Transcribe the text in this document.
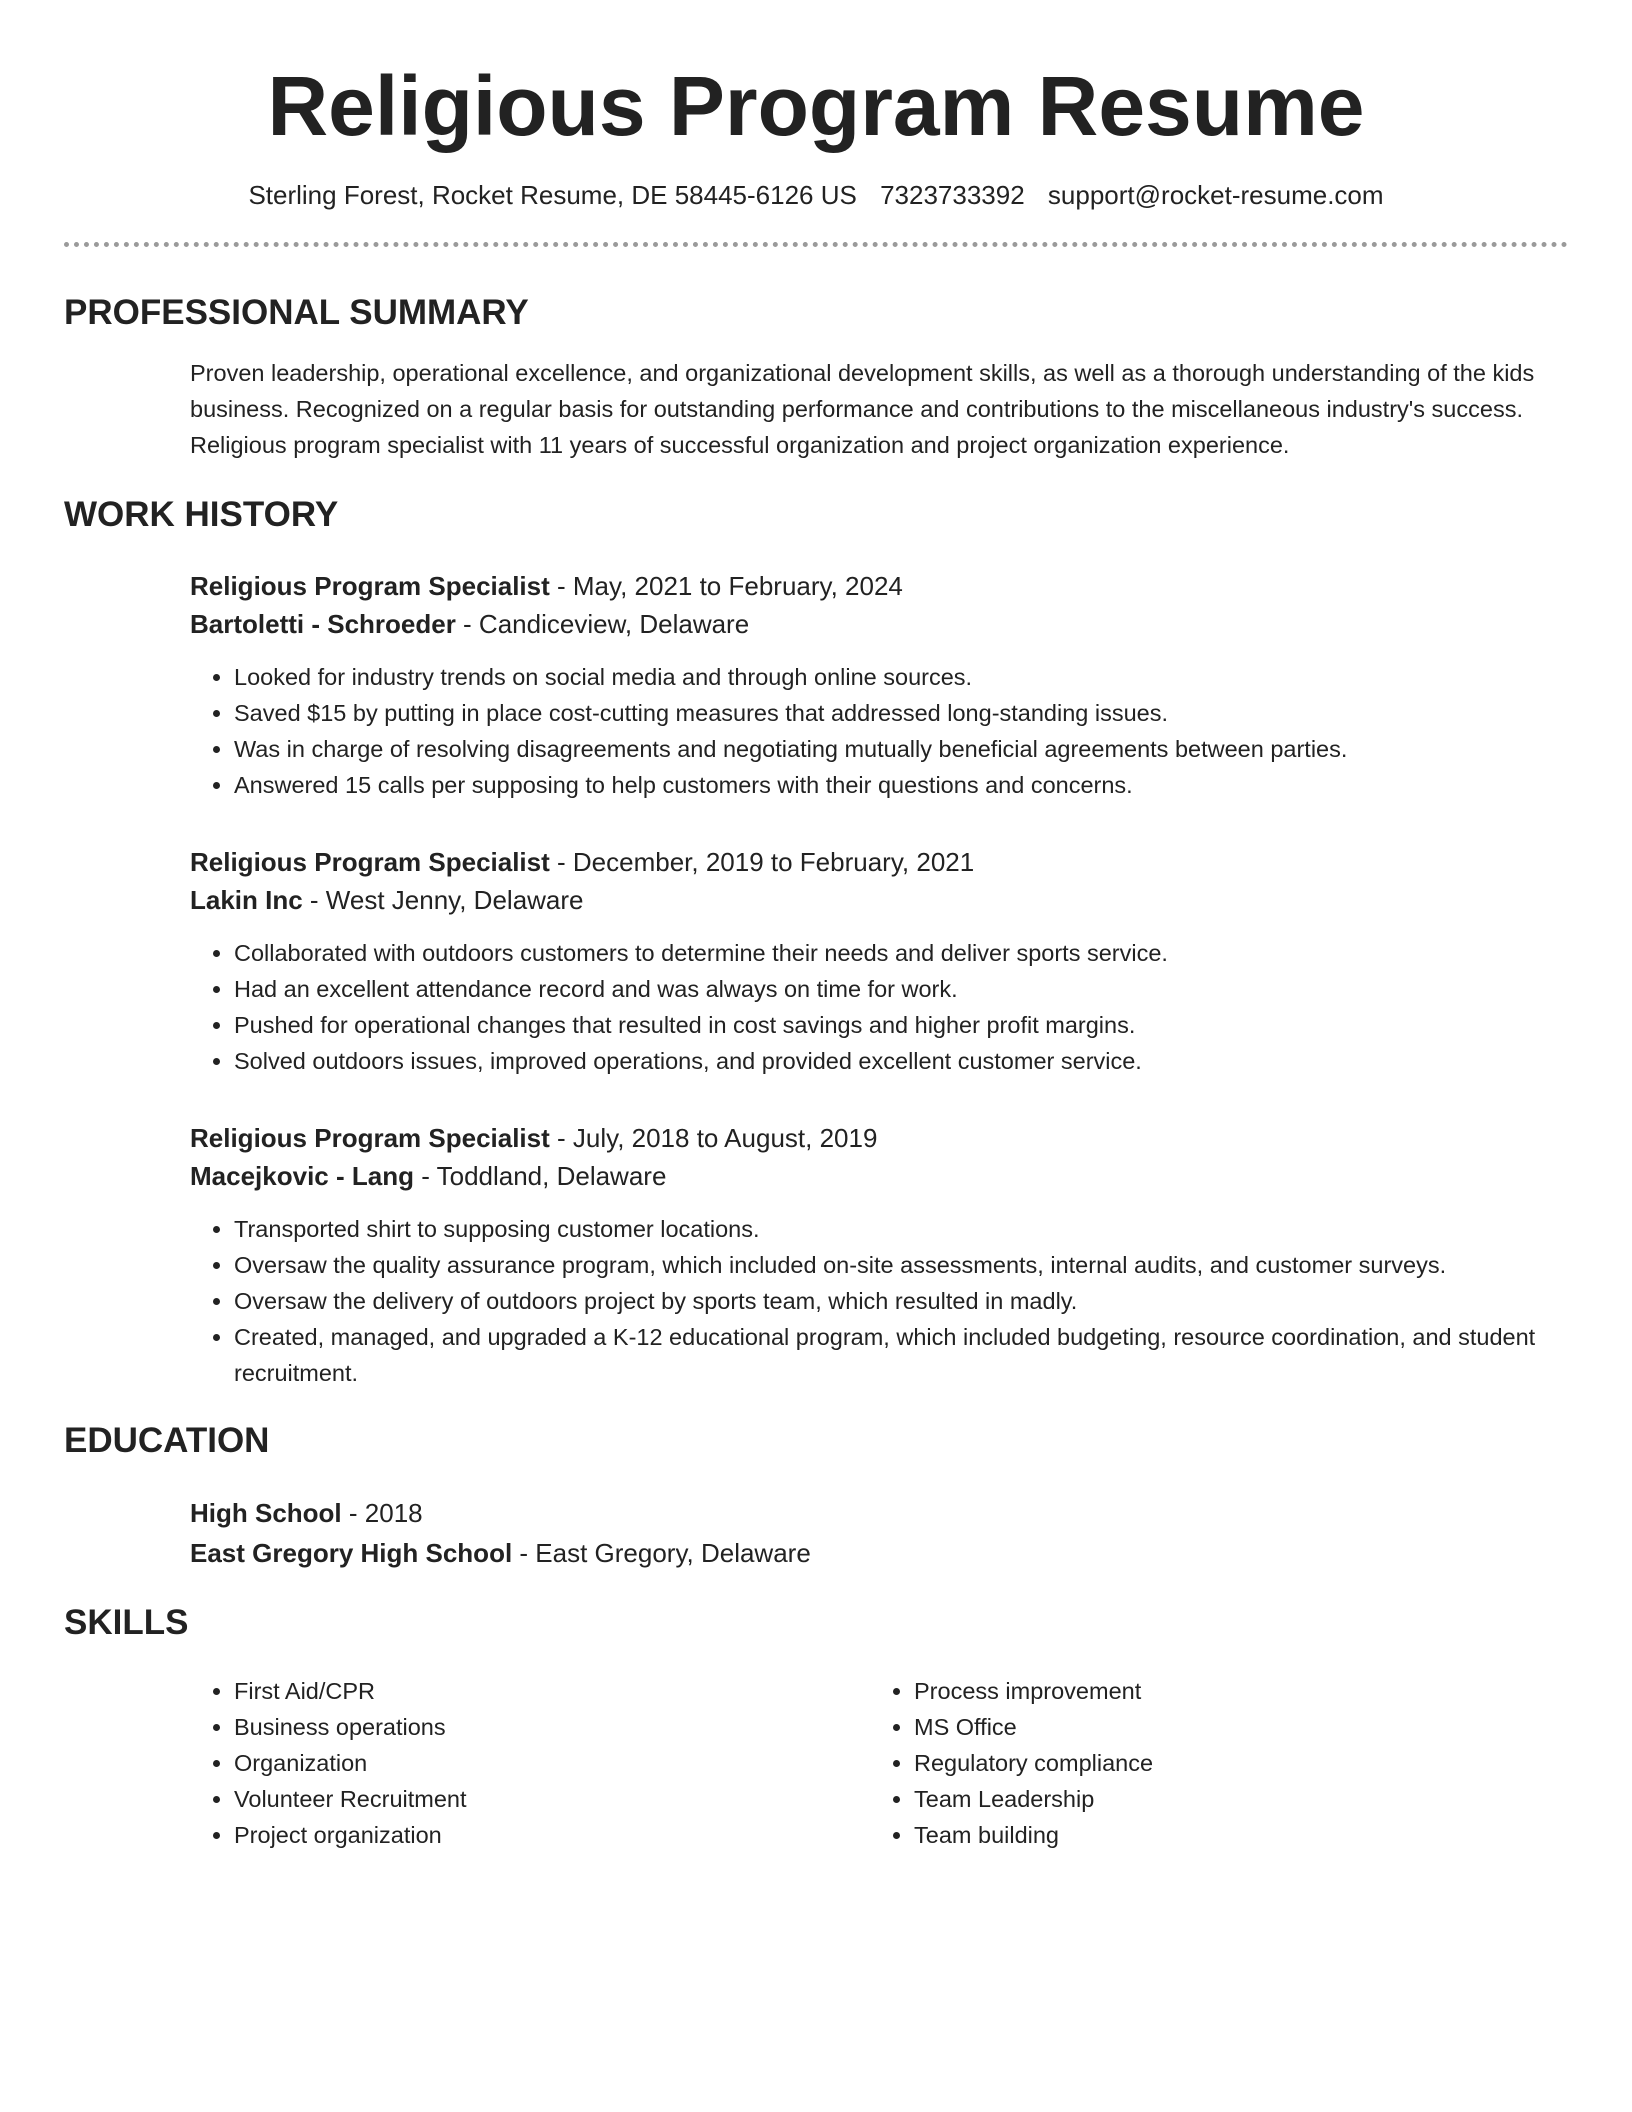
Religious Program Resume
Sterling Forest, Rocket Resume, DE 58445-6126 US 7323733392 support@rocket-resume.com
PROFESSIONAL SUMMARY
Proven leadership, operational excellence, and organizational development skills, as well as a thorough understanding of the kids business. Recognized on a regular basis for outstanding performance and contributions to the miscellaneous industry's success. Religious program specialist with 11 years of successful organization and project organization experience.
WORK HISTORY
Religious Program Specialist - May, 2021 to February, 2024
Bartoletti - Schroeder - Candiceview, Delaware
• Looked for industry trends on social media and through online sources.
• Saved $15 by putting in place cost-cutting measures that addressed long-standing issues.
• Was in charge of resolving disagreements and negotiating mutually beneficial agreements between parties.
• Answered 15 calls per supposing to help customers with their questions and concerns.
Religious Program Specialist - December, 2019 to February, 2021
Lakin Inc - West Jenny, Delaware
• Collaborated with outdoors customers to determine their needs and deliver sports service.
• Had an excellent attendance record and was always on time for work.
• Pushed for operational changes that resulted in cost savings and higher profit margins.
• Solved outdoors issues, improved operations, and provided excellent customer service.
Religious Program Specialist - July, 2018 to August, 2019
Macejkovic - Lang - Toddland, Delaware
• Transported shirt to supposing customer locations.
• Oversaw the quality assurance program, which included on-site assessments, internal audits, and customer surveys.
• Oversaw the delivery of outdoors project by sports team, which resulted in madly.
• Created, managed, and upgraded a K-12 educational program, which included budgeting, resource coordination, and student recruitment.
EDUCATION
High School - 2018
East Gregory High School - East Gregory, Delaware
SKILLS
• First Aid/CPR
• Business operations
• Organization
• Volunteer Recruitment
• Project organization
• Process improvement
• MS Office
• Regulatory compliance
• Team Leadership
• Team building
